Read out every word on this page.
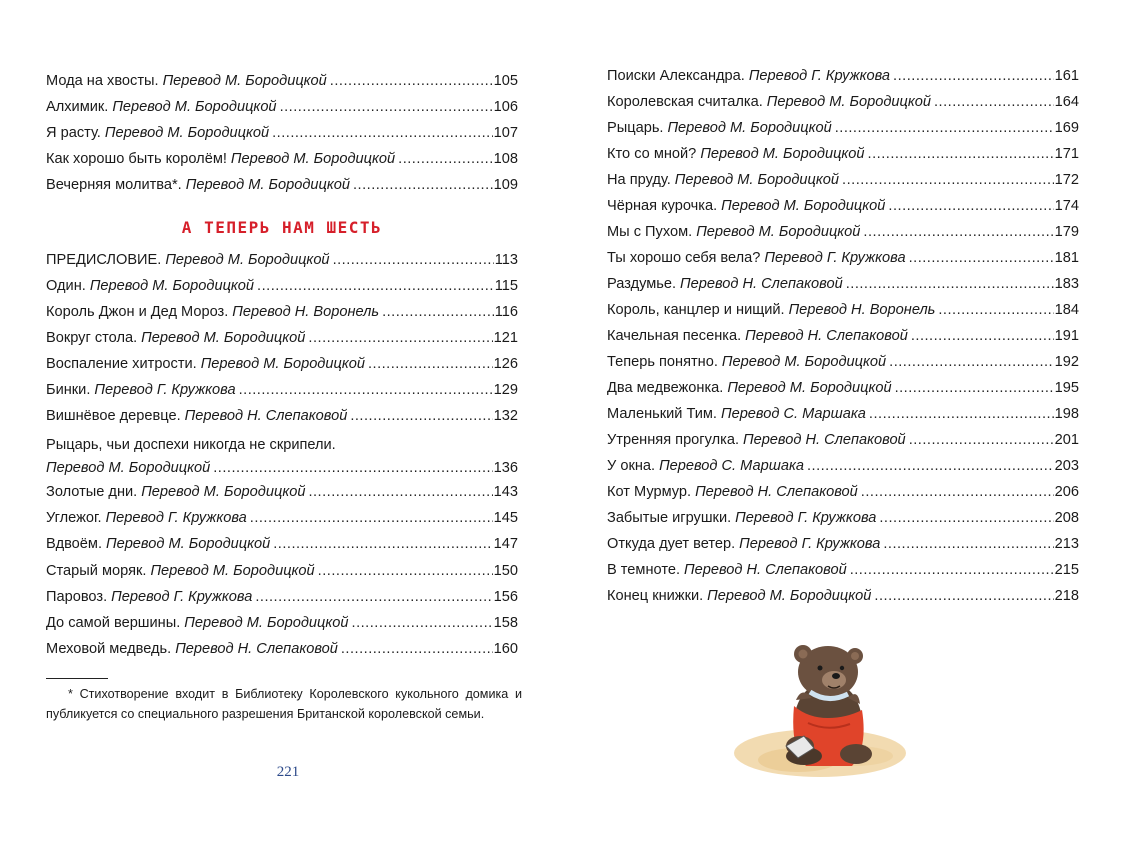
Мода на хвосты. Перевод М. Бородицкой .....	105
Алхимик. Перевод М. Бородицкой .....	106
Я расту. Перевод М. Бородицкой .....	107
Как хорошо быть королём! Перевод М. Бородицкой .....	108
Вечерняя молитва*. Перевод М. Бородицкой .....	109
А ТЕПЕРЬ НАМ ШЕСТЬ
ПРЕДИСЛОВИЕ. Перевод М. Бородицкой .....	113
Один. Перевод М. Бородицкой .....	115
Король Джон и Дед Мороз. Перевод Н. Воронель .....	116
Вокруг стола. Перевод М. Бородицкой .....	121
Воспаление хитрости. Перевод М. Бородицкой .....	126
Бинки. Перевод Г. Кружкова .....	129
Вишнёвое деревце. Перевод Н. Слепаковой .....	132
Рыцарь, чьи доспехи никогда не скрипели.
Перевод М. Бородицкой .....	136
Золотые дни. Перевод М. Бородицкой .....	143
Углежог. Перевод Г. Кружкова .....	145
Вдвоём. Перевод М. Бородицкой .....	147
Старый моряк. Перевод М. Бородицкой .....	150
Паровоз. Перевод Г. Кружкова .....	156
До самой вершины. Перевод М. Бородицкой .....	158
Меховой медведь. Перевод Н. Слепаковой .....	160
* Стихотворение входит в Библиотеку Королевского кукольного домика и публикуется со специального разрешения Британской королевской семьи.
221
Поиски Александра. Перевод Г. Кружкова .....	161
Королевская считалка. Перевод М. Бородицкой .....	164
Рыцарь. Перевод М. Бородицкой .....	169
Кто со мной? Перевод М. Бородицкой .....	171
На пруду. Перевод М. Бородицкой .....	172
Чёрная курочка. Перевод М. Бородицкой .....	174
Мы с Пухом. Перевод М. Бородицкой .....	179
Ты хорошо себя вела? Перевод Г. Кружкова .....	181
Раздумье. Перевод Н. Слепаковой .....	183
Король, канцлер и нищий. Перевод Н. Воронель .....	184
Качельная песенка. Перевод Н. Слепаковой .....	191
Теперь понятно. Перевод М. Бородицкой .....	192
Два медвежонка. Перевод М. Бородицкой .....	195
Маленький Тим. Перевод С. Маршака .....	198
Утренняя прогулка. Перевод Н. Слепаковой .....	201
У окна. Перевод С. Маршака .....	203
Кот Мурмур. Перевод Н. Слепаковой .....	206
Забытые игрушки. Перевод Г. Кружкова .....	208
Откуда дует ветер. Перевод Г. Кружкова .....	213
В темноте. Перевод Н. Слепаковой .....	215
Конец книжки. Перевод М. Бородицкой .....	218
